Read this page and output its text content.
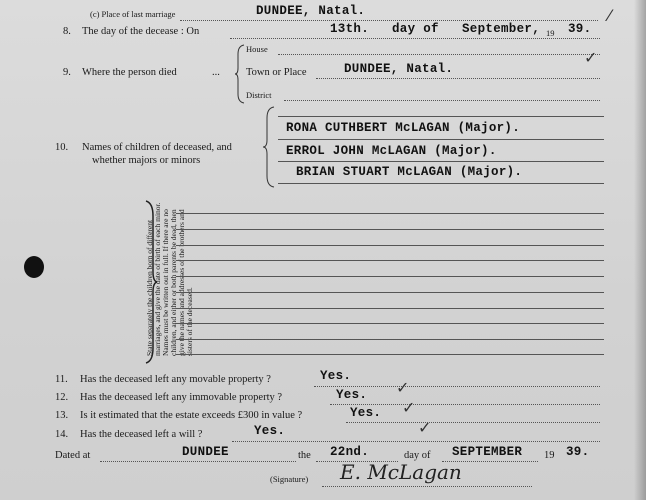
(c) Place of last marriage	DUNDEE, Natal.
8. The day of the decease : On	13th. day of September, 19 39.
⁄
9. Where the person died	...
House
Town or Place	DUNDEE, Natal.
District
✓
10. Names of children of deceased, and
whether majors or minors
RONA CUTHBERT McLAGAN (Major).
ERROL JOHN McLAGAN (Major).
BRIAN STUART McLAGAN (Major).
State separately the children born of different marriages, and give the date of birth of each minor. Names must be written out in full. If there are no children, and either or both parents be dead, then give the names and addresses of the brothers and sisters of the deceased.
11. Has the deceased left any movable property ?	Yes.
12. Has the deceased left any immovable property ?	Yes. ✓
13. Is it estimated that the estate exceeds £300 in value ?	Yes. ✓
14. Has the deceased left a will ?	Yes.	✓
Dated at	DUNDEE	the 22nd.	day of SEPTEMBER 19 39.
(Signature) E. McLagan
